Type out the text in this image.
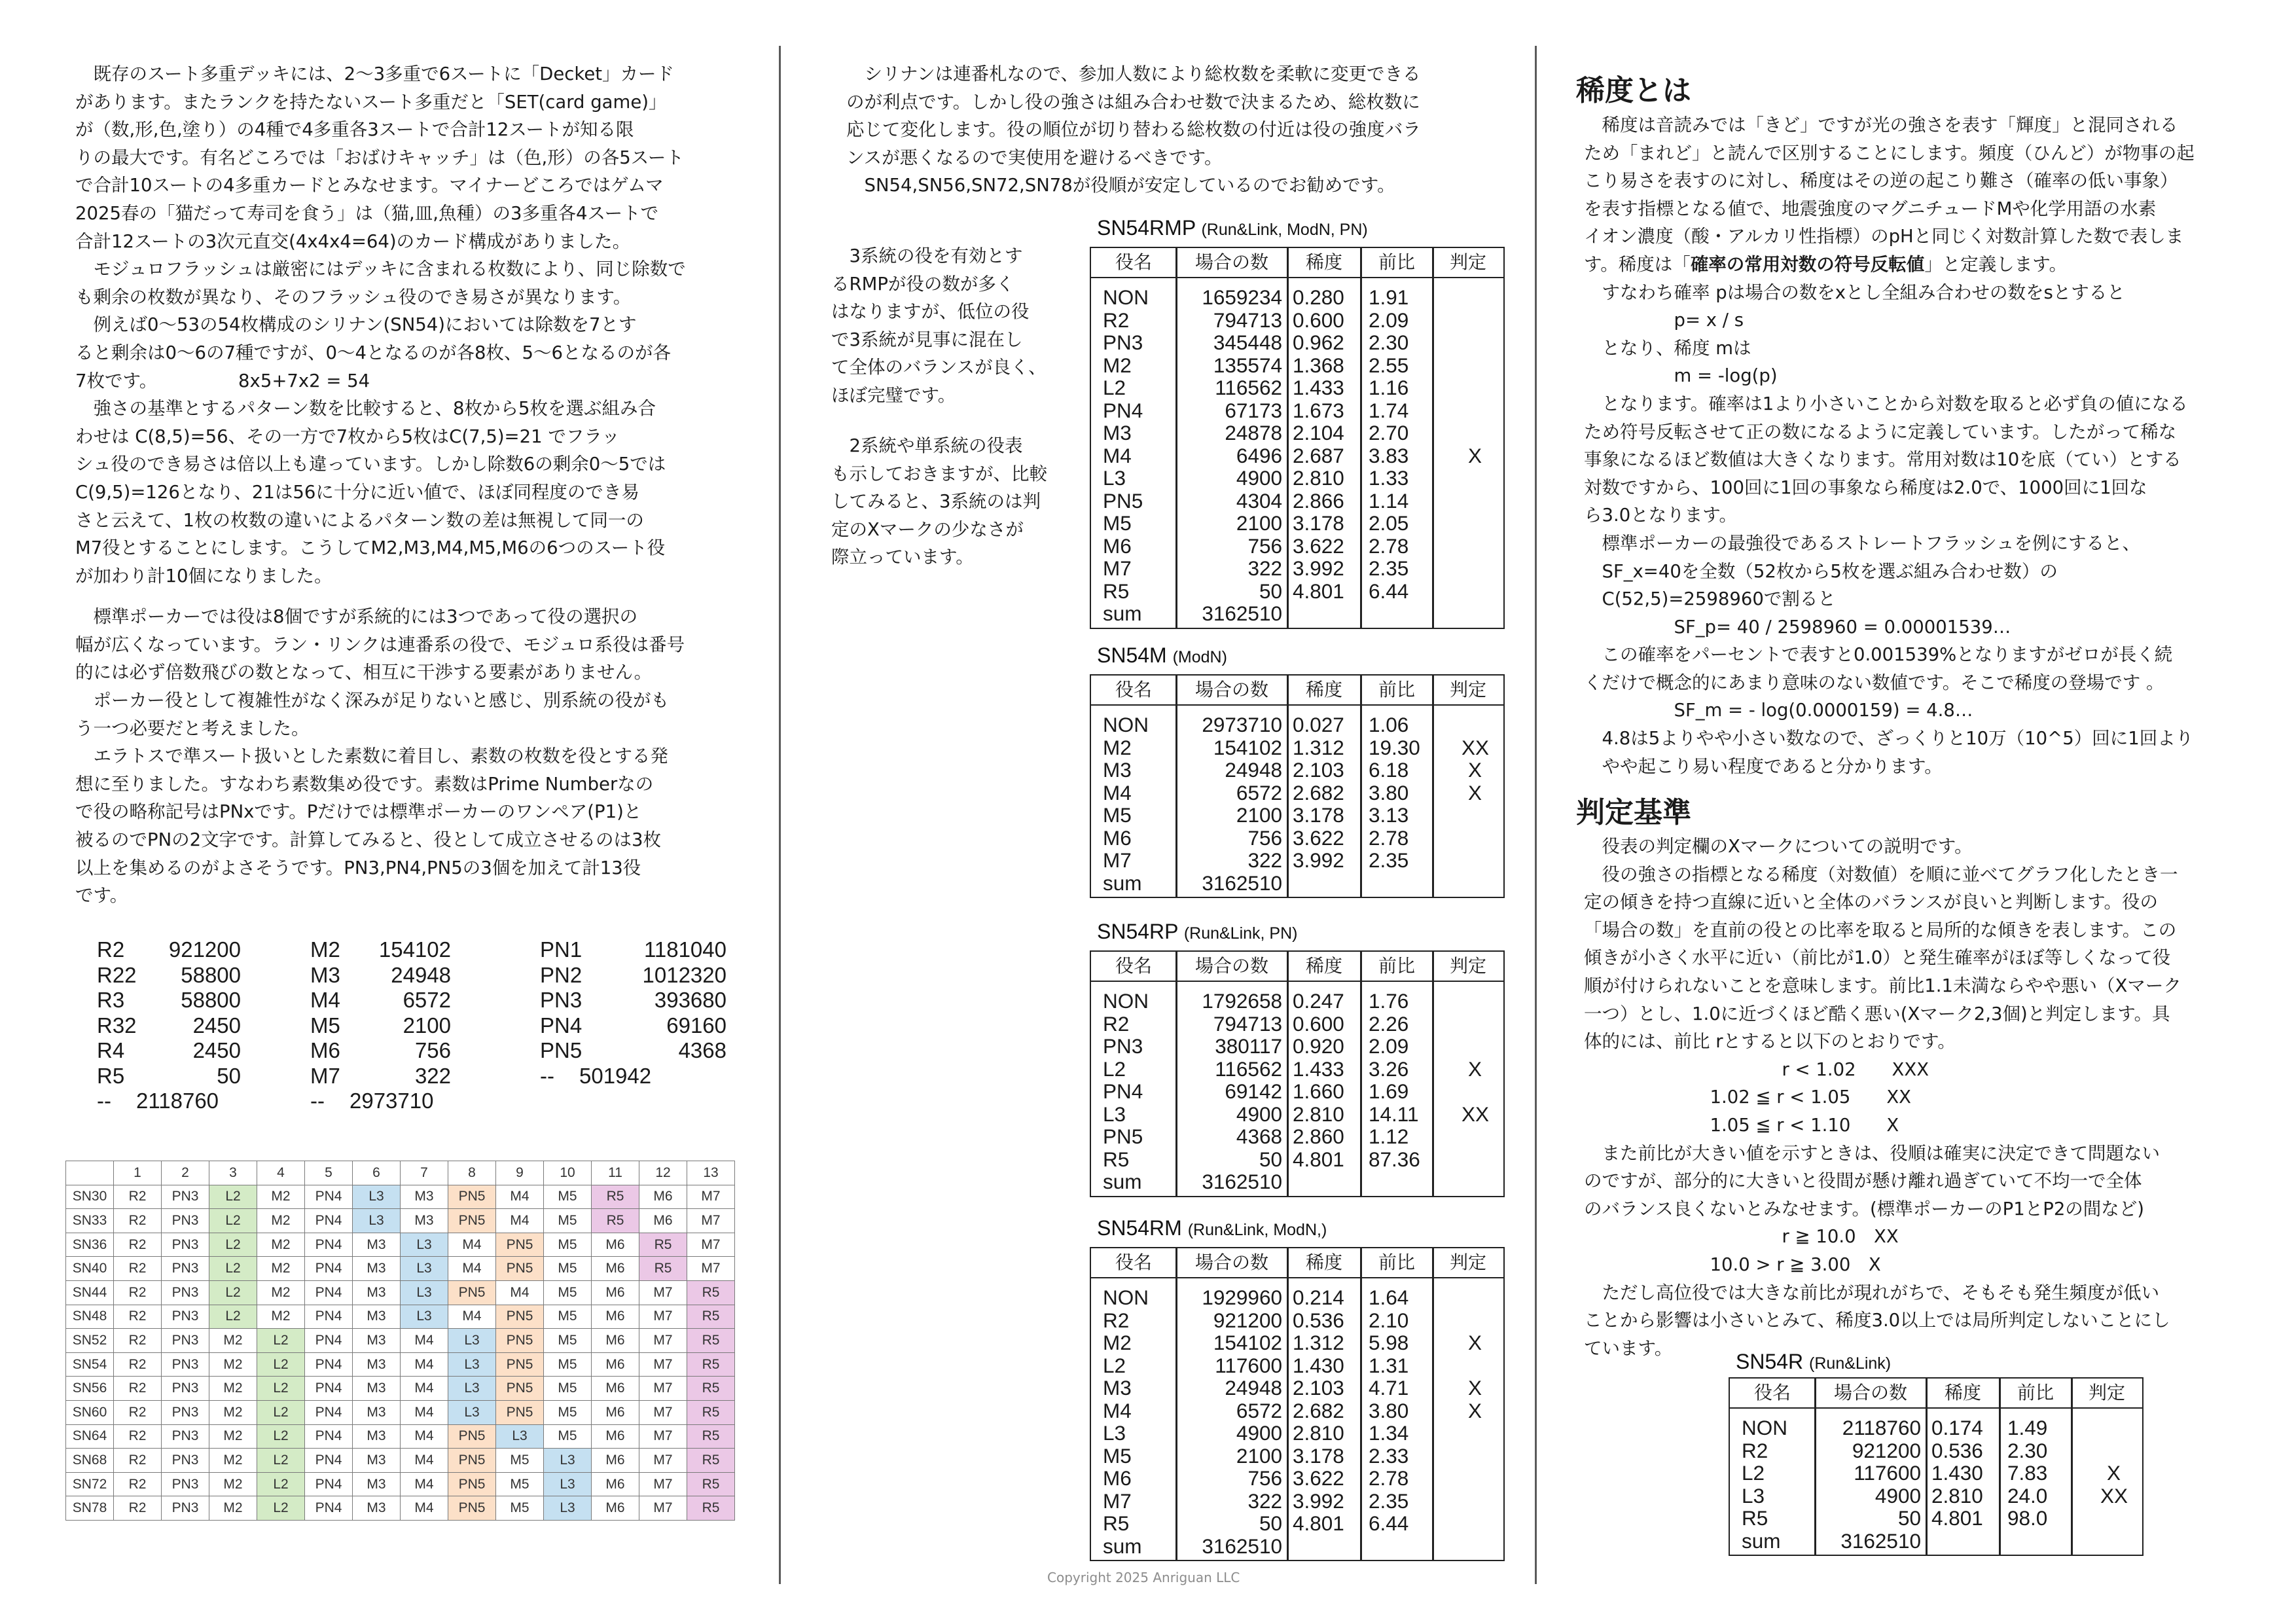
　既存のスート多重デッキには、2～3多重で6スートに「Decket」カード

があります。またランクを持たないスート多重だと「SET(card game)」

が（数,形,色,塗り）の4種で4多重各3スートで合計12スートが知る限

りの最大です。有名どころでは「おばけキャッチ」は（色,形）の各5スート

で合計10スートの4多重カードとみなせます。マイナーどころではゲムマ

2025春の「猫だって寿司を食う」は（猫,皿,魚種）の3多重各4スートで

合計12スートの3次元直交(4x4x4=64)のカード構成がありました。

　モジュロフラッシュは厳密にはデッキに含まれる枚数により、同じ除数で

も剰余の枚数が異なり、そのフラッシュ役のでき易さが異なります。

　例えば0～53の54枚構成のシリナン(SN54)においては除数を7とす

ると剰余は0～6の7種ですが、0～4となるのが各8枚、5～6となるのが各

7枚です。　　　　　8x5+7x2 = 54

　強さの基準とするパターン数を比較すると、8枚から5枚を選ぶ組み合

わせは C(8,5)=56、その一方で7枚から5枚はC(7,5)=21 でフラッ

シュ役のでき易さは倍以上も違っています。しかし除数6の剰余0～5では

C(9,5)=126となり、21は56に十分に近い値で、ほぼ同程度のでき易

さと云えて、1枚の枚数の違いによるパターン数の差は無視して同一の

M7役とすることにします。こうしてM2,M3,M4,M5,M6の6つのスート役

が加わり計10個になりました。

　標準ポーカーでは役は8個ですが系統的には3つであって役の選択の

幅が広くなっています。ラン・リンクは連番系の役で、モジュロ系役は番号

的には必ず倍数飛びの数となって、相互に干渉する要素がありません。

　ポーカー役として複雑性がなく深みが足りないと感じ、別系統の役がも

う一つ必要だと考えました。

　エラトスで準スート扱いとした素数に着目し、素数の枚数を役とする発

想に至りました。すなわち素数集め役です。素数はPrime Numberなの

で役の略称記号はPNxです。Pだけでは標準ポーカーのワンペア(P1)と

被るのでPNの2文字です。計算してみると、役として成立させるのは3枚

以上を集めるのがよさそうです。PN3,PN4,PN5の3個を加えて計13役

です。

R2	921200
R22	58800
R3	58800
R32	2450
R4	2450
R5	50
--	2118760
M2	154102
M3	24948
M4	6572
M5	2100
M6	756
M7	322
--	2973710
PN1	1181040
PN2	1012320
PN3	393680
PN4	69160
PN5	4368
--	501942
	1	2	3	4	5	6	7	8	9	10	11	12	13
SN30	R2	PN3	L2	M2	PN4	L3	M3	PN5	M4	M5	R5	M6	M7
SN33	R2	PN3	L2	M2	PN4	L3	M3	PN5	M4	M5	R5	M6	M7
SN36	R2	PN3	L2	M2	PN4	M3	L3	M4	PN5	M5	M6	R5	M7
SN40	R2	PN3	L2	M2	PN4	M3	L3	M4	PN5	M5	M6	R5	M7
SN44	R2	PN3	L2	M2	PN4	M3	L3	PN5	M4	M5	M6	M7	R5
SN48	R2	PN3	L2	M2	PN4	M3	L3	M4	PN5	M5	M6	M7	R5
SN52	R2	PN3	M2	L2	PN4	M3	M4	L3	PN5	M5	M6	M7	R5
SN54	R2	PN3	M2	L2	PN4	M3	M4	L3	PN5	M5	M6	M7	R5
SN56	R2	PN3	M2	L2	PN4	M3	M4	L3	PN5	M5	M6	M7	R5
SN60	R2	PN3	M2	L2	PN4	M3	M4	L3	PN5	M5	M6	M7	R5
SN64	R2	PN3	M2	L2	PN4	M3	M4	PN5	L3	M5	M6	M7	R5
SN68	R2	PN3	M2	L2	PN4	M3	M4	PN5	M5	L3	M6	M7	R5
SN72	R2	PN3	M2	L2	PN4	M3	M4	PN5	M5	L3	M6	M7	R5
SN78	R2	PN3	M2	L2	PN4	M3	M4	PN5	M5	L3	M6	M7	R5

　シリナンは連番札なので、参加人数により総枚数を柔軟に変更できる

のが利点です。しかし役の強さは組み合わせ数で決まるため、総枚数に

応じて変化します。役の順位が切り替わる総枚数の付近は役の強度バラ

ンスが悪くなるので実使用を避けるべきです。

　SN54,SN56,SN72,SN78が役順が安定しているのでお勧めです。

　3系統の役を有効とす

るRMPが役の数が多く

はなりますが、低位の役

で3系統が見事に混在し

て全体のバランスが良く、

ほぼ完璧です。

　2系統や単系統の役表

も示しておきますが、比較

してみると、3系統のは判

定のXマークの少なさが

際立っています。

SN54RMP (Run&Link, ModN, PN)
役名	場合の数	稀度	前比	判定
NON	1659234 0.280 1.91
R2	794713 0.600 2.09
PN3	345448 0.962 2.30
M2	135574 1.368 2.55
L2	116562 1.433 1.16
PN4	67173 1.673 1.74
M3	24878 2.104 2.70
M4	6496 2.687 3.83	X
L3	4900 2.810 1.33
PN5	4304 2.866 1.14
M5	2100 3.178 2.05
M6	756 3.622 2.78
M7	322 3.992 2.35
R5	50 4.801 6.44
sum	3162510
SN54M (ModN)
役名	場合の数	稀度	前比	判定
NON	2973710 0.027 1.06
M2	154102 1.312 19.30 XX
M3	24948 2.103 6.18	X
M4	6572 2.682 3.80	X
M5	2100 3.178 3.13
M6	756 3.622 2.78
M7	322 3.992 2.35
sum	3162510
SN54RP (Run&Link, PN)
役名	場合の数	稀度	前比	判定
NON	1792658 0.247 1.76
R2	794713 0.600 2.26
PN3	380117 0.920 2.09
L2	116562 1.433 3.26	X
PN4	69142 1.660 1.69
L3	4900 2.810 14.11 XX
PN5	4368 2.860 1.12
R5	50 4.801 87.36
sum	3162510
SN54RM (Run&Link, ModN,)
役名	場合の数	稀度	前比	判定
NON	1929960 0.214 1.64
R2	921200 0.536 2.10
M2	154102 1.312 5.98	X
L2	117600 1.430 1.31
M3	24948 2.103 4.71	X
M4	6572 2.682 3.80	X
L3	4900 2.810 1.34
M5	2100 3.178 2.33
M6	756 3.622 2.78
M7	322 3.992 2.35
R5	50 4.801 6.44
sum	3162510
Copyright 2025 Anriguan LLC
稀度とは

　稀度は音読みでは「きど」ですが光の強さを表す「輝度」と混同される

ため「まれど」と読んで区別することにします。頻度（ひんど）が物事の起

こり易さを表すのに対し、稀度はその逆の起こり難さ（確率の低い事象）

を表す指標となる値で、地震強度のマグニチュードMや化学用語の水素

イオン濃度（酸・アルカリ性指標）のpHと同じく対数計算した数で表しま

す。稀度は「確率の常用対数の符号反転値」と定義します。

　すなわち確率 pは場合の数をxとし全組み合わせの数をsとすると

　　　　　p= x / s

　となり、稀度 mは

　　　　　m = -log(p)

　となります。確率は1より小さいことから対数を取ると必ず負の値になる

ため符号反転させて正の数になるように定義しています。したがって稀な

事象になるほど数値は大きくなります。常用対数は10を底（てい）とする

対数ですから、100回に1回の事象なら稀度は2.0で、1000回に1回な

ら3.0となります。

　標準ポーカーの最強役であるストレートフラッシュを例にすると、

　SF_x=40を全数（52枚から5枚を選ぶ組み合わせ数）の

　C(52,5)=2598960で割ると

　　　　　SF_p= 40 / 2598960 = 0.00001539…

　この確率をパーセントで表すと0.001539%となりますがゼロが長く続

くだけで概念的にあまり意味のない数値です。そこで稀度の登場です 。

　　　　　SF_m = - log(0.0000159) = 4.8…

　4.8は5よりやや小さい数なので、ざっくりと10万（10^5）回に1回より

　やや起こり易い程度であると分かります。

判定基準

　役表の判定欄のXマークについての説明です。

　役の強さの指標となる稀度（対数値）を順に並べてグラフ化したとき一

定の傾きを持つ直線に近いと全体のバランスが良いと判断します。役の

「場合の数」を直前の役との比率を取ると局所的な傾きを表します。この

傾きが小さく水平に近い（前比が1.0）と発生確率がほぼ等しくなって役

順が付けられないことを意味します。前比1.1未満ならやや悪い（Xマーク

一つ）とし、1.0に近づくほど酷く悪い(Xマーク2,3個)と判定します。具

体的には、前比 rとすると以下のとおりです。

　　　　　　　　　　　r < 1.02　　XXX

　　　　　　　1.02 ≦ r < 1.05　　XX

　　　　　　　1.05 ≦ r < 1.10　　X

　また前比が大きい値を示すときは、役順は確実に決定できて問題ない

のですが、部分的に大きいと役間が懸け離れ過ぎていて不均一で全体

のバランス良くないとみなせます。(標準ポーカーのP1とP2の間など)

　　　　　　　　　　　r ≧ 10.0　XX

　　　　　　　10.0 > r ≧ 3.00　X

　ただし高位役では大きな前比が現れがちで、そもそも発生頻度が低い

ことから影響は小さいとみて、稀度3.0以上では局所判定しないことにし

ています。

SN54R (Run&Link)
役名	場合の数	稀度	前比	判定
NON	2118760 0.174 1.49
R2	921200 0.536 2.30
L2	117600 1.430 7.83	X
L3	4900 2.810 24.0	XX
R5	50 4.801 98.0
sum	3162510
